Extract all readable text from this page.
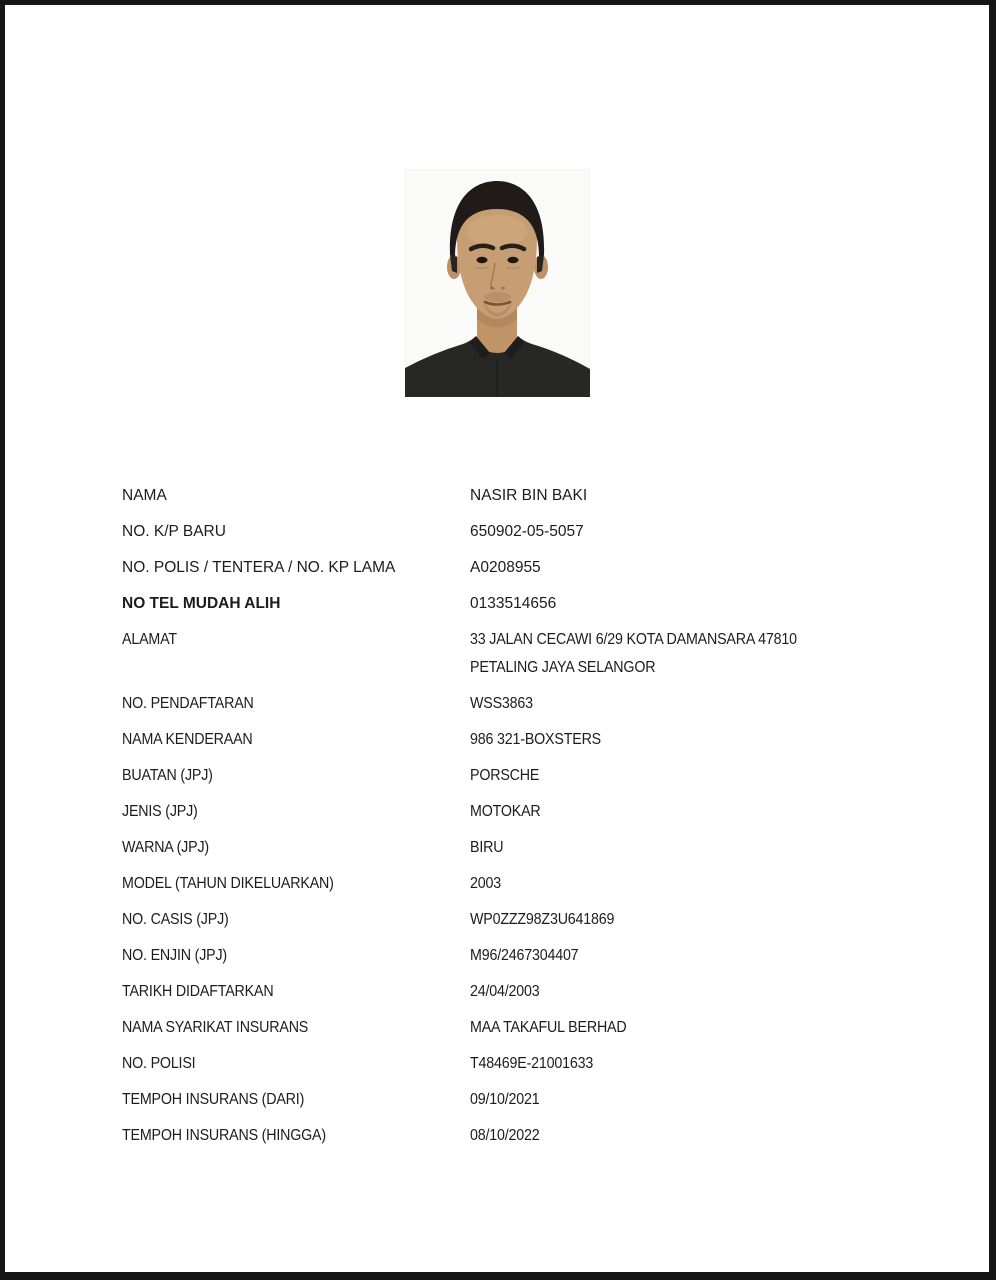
NAMA	NASIR BIN BAKI
NO. K/P BARU	650902-05-5057
NO. POLIS / TENTERA / NO. KP LAMA	A0208955
NO TEL MUDAH ALIH	0133514656
ALAMAT	33 JALAN CECAWI 6/29 KOTA DAMANSARA 47810 PETALING JAYA SELANGOR
NO. PENDAFTARAN	WSS3863
NAMA KENDERAAN	986 321-BOXSTERS
BUATAN (JPJ)	PORSCHE
JENIS (JPJ)	MOTOKAR
WARNA (JPJ)	BIRU
MODEL (TAHUN DIKELUARKAN)	2003
NO. CASIS (JPJ)	WP0ZZZ98Z3U641869
NO. ENJIN (JPJ)	M96/2467304407
TARIKH DIDAFTARKAN	24/04/2003
NAMA SYARIKAT INSURANS	MAA TAKAFUL BERHAD
NO. POLISI	T48469E-21001633
TEMPOH INSURANS (DARI)	09/10/2021
TEMPOH INSURANS (HINGGA)	08/10/2022
